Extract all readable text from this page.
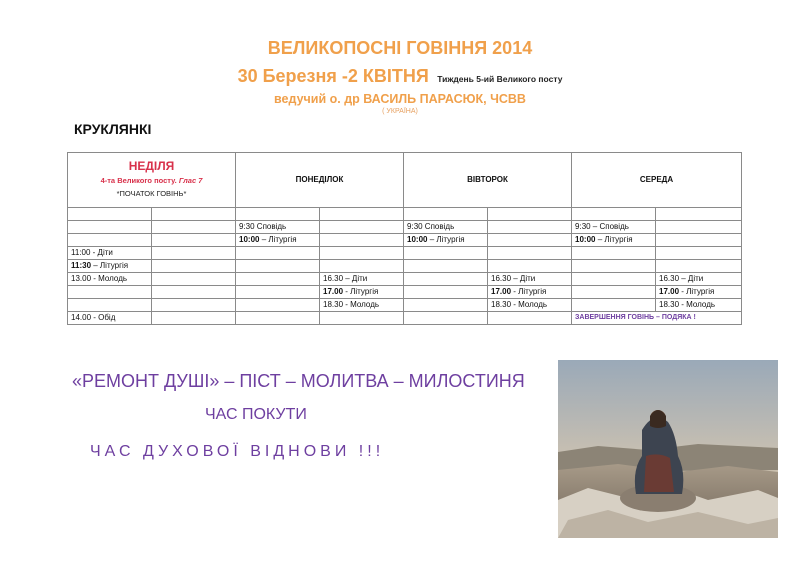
ВЕЛИКОПОСНІ ГОВІННЯ 2014
30 Березня -2 КВІТНЯ Тиждень 5-ий Великого посту
ведучий о. др ВАСИЛЬ ПАРАСЮК, ЧСВВ
( УКРАЇНА)
КРУКЛЯНКІ
НЕДІЛЯ
4-та Великого посту. Глас 7
*ПОЧАТОК ГОВІНЬ*		ПОНЕДІЛОК		ВІВТОРОК		СЕРЕДА	

		9:30 Сповідь		9:30 Сповідь		9:30 – Сповідь	
		10:00 – Літургія		10:00 – Літургія		10:00 – Літургія	
11:00 - Діти							
11:30 – Літургія							
13.00 - Молодь			16.30 – Діти		16.30 – Діти		16.30 – Діти
			17.00 - Літургія		17.00 - Літургія		17.00 - Літургія
			18.30 - Молодь		18.30 - Молодь		18.30 - Молодь
14.00 - Обід						ЗАВЕРШЕННЯ ГОВІНЬ – ПОДЯКА !	
«РЕМОНТ ДУШІ» – ПІСТ – МОЛИТВА – МИЛОСТИНЯ
ЧАС ПОКУТИ
ЧАС ДУХОВОЇ ВІДНОВИ !!!
